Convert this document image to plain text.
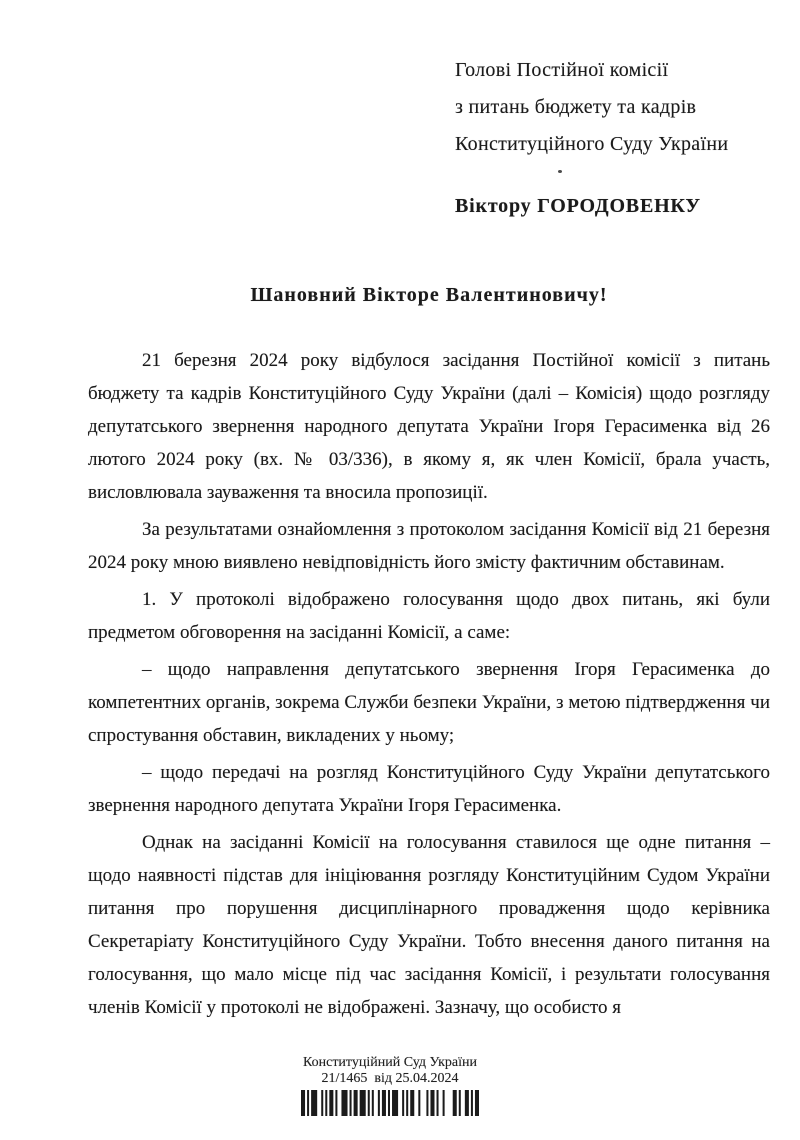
Голові Постійної комісії
з питань бюджету та кадрів
Конституційного Суду України
Віктору ГОРОДОВЕНКУ
Шановний Вікторе Валентиновичу!

21 березня 2024 року відбулося засідання Постійної комісії з питань бюджету та кадрів Конституційного Суду України (далі – Комісія) щодо розгляду депутатського звернення народного депутата України Ігоря Герасименка від 26 лютого 2024 року (вх. № 03/336), в якому я, як член Комісії, брала участь, висловлювала зауваження та вносила пропозиції.

За результатами ознайомлення з протоколом засідання Комісії від 21 березня 2024 року мною виявлено невідповідність його змісту фактичним обставинам.

1. У протоколі відображено голосування щодо двох питань, які були предметом обговорення на засіданні Комісії, а саме:

– щодо направлення депутатського звернення Ігоря Герасименка до компетентних органів, зокрема Служби безпеки України, з метою підтвердження чи спростування обставин, викладених у ньому;

– щодо передачі на розгляд Конституційного Суду України депутатського звернення народного депутата України Ігоря Герасименка.

Однак на засіданні Комісії на голосування ставилося ще одне питання – щодо наявності підстав для ініціювання розгляду Конституційним Судом України питання про порушення дисциплінарного провадження щодо керівника Секретаріату Конституційного Суду України. Тобто внесення даного питання на голосування, що мало місце під час засідання Комісії, і результати голосування членів Комісії у протоколі не відображені. Зазначу, що особисто я

Конституційний Суд України
21/1465  від 25.04.2024
